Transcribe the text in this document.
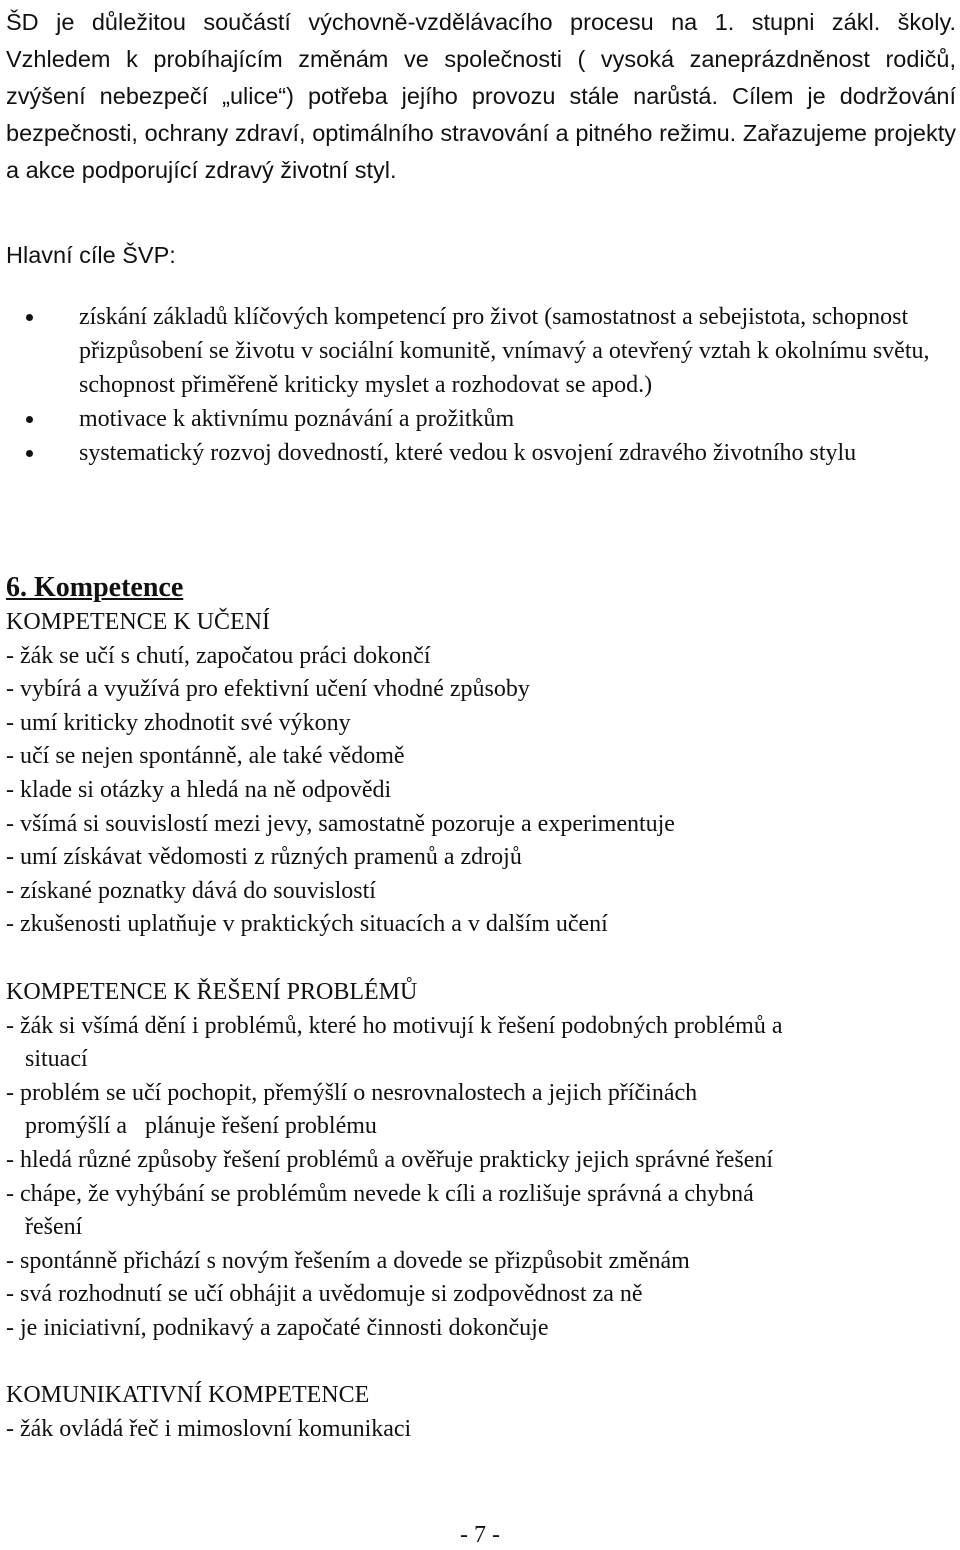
ŠD je důležitou součástí výchovně-vzdělávacího procesu na 1. stupni zákl. školy. Vzhledem k probíhajícím změnám ve společnosti ( vysoká zaneprázdněnost rodičů, zvýšení nebezpečí „ulice“) potřeba jejího provozu stále narůstá. Cílem je dodržování bezpečnosti, ochrany zdraví, optimálního stravování a pitného režimu. Zařazujeme projekty a akce podporující zdravý životní styl.

Hlavní cíle ŠVP:
získání základů klíčových kompetencí pro život (samostatnost a sebejistota, schopnost přizpůsobení se životu v sociální komunitě, vnímavý a otevřený vztah k okolnímu světu, schopnost přiměřeně kriticky myslet a rozhodovat se apod.)
motivace k aktivnímu poznávání a prožitkům
systematický rozvoj dovedností, které vedou k osvojení zdravého životního stylu
6. Kompetence
KOMPETENCE K UČENÍ
- žák se učí s chutí, započatou práci dokončí
- vybírá a využívá pro efektivní učení vhodné způsoby
- umí kriticky zhodnotit své výkony
- učí se nejen spontánně, ale také vědomě
- klade si otázky a hledá na ně odpovědi
- všímá si souvislostí mezi jevy, samostatně pozoruje a experimentuje
- umí získávat vědomosti z různých pramenů a zdrojů
- získané poznatky dává do souvislostí
- zkušenosti uplatňuje v praktických situacích a v dalším učení
KOMPETENCE K ŘEŠENÍ PROBLÉMŮ
- žák si všímá dění i problémů, které ho motivují k řešení podobných problémů a
situací
- problém se učí pochopit, přemýšlí o nesrovnalostech a jejich příčinách
promýšlí a   plánuje řešení problému
- hledá různé způsoby řešení problémů a ověřuje prakticky jejich správné řešení
- chápe, že vyhýbání se problémům nevede k cíli a rozlišuje správná a chybná
řešení
- spontánně přichází s novým řešením a dovede se přizpůsobit změnám
- svá rozhodnutí se učí obhájit a uvědomuje si zodpovědnost za ně
- je iniciativní, podnikavý a započaté činnosti dokončuje
KOMUNIKATIVNÍ KOMPETENCE
- žák ovládá řeč i mimoslovní komunikaci
- 7 -
